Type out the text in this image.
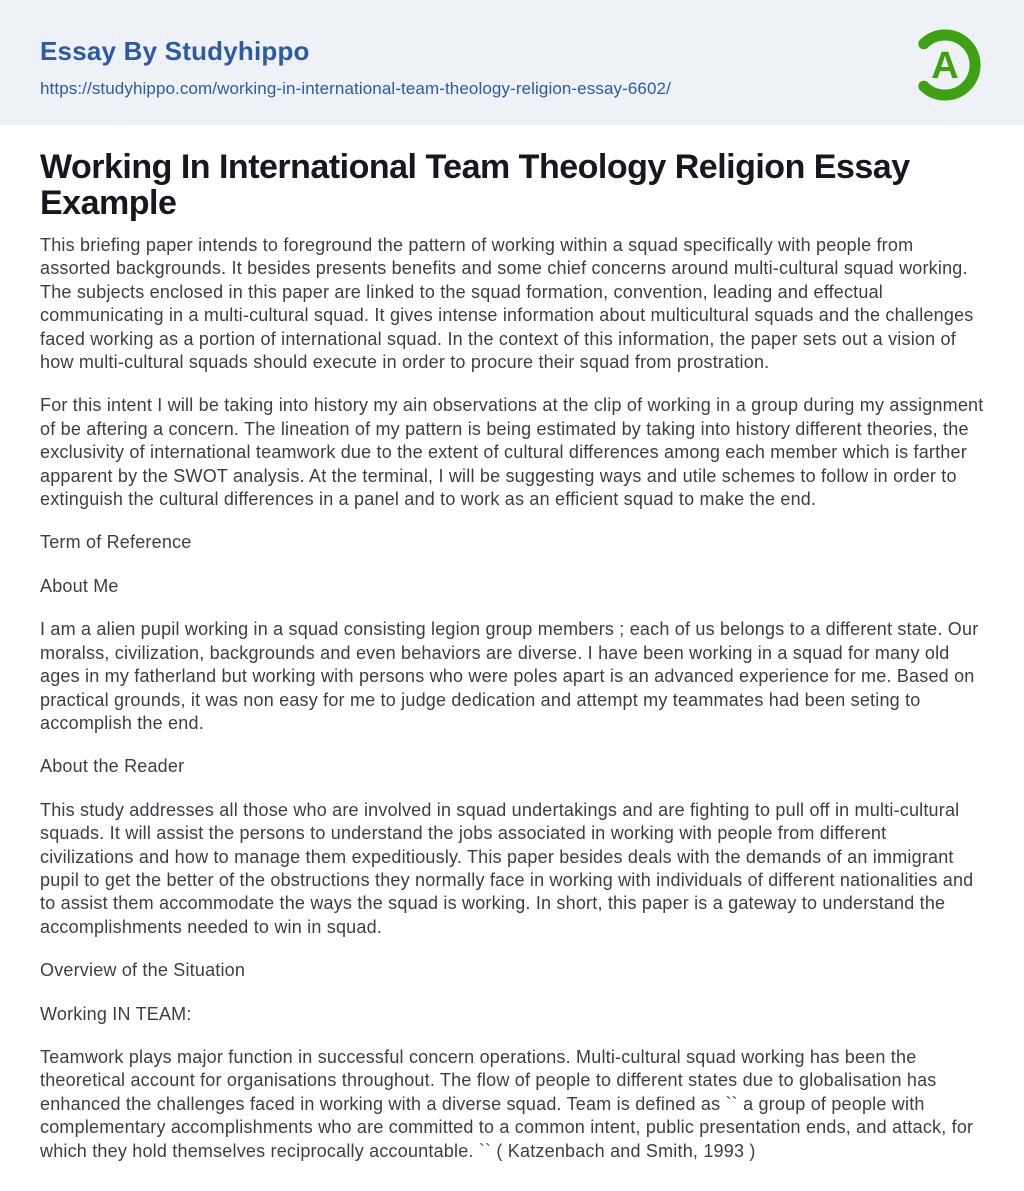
Essay By Studyhippo
https://studyhippo.com/working-in-international-team-theology-religion-essay-6602/
A
Working In International Team Theology Religion Essay Example

This briefing paper intends to foreground the pattern of working within a squad specifically with people from assorted backgrounds. It besides presents benefits and some chief concerns around multi-cultural squad working. The subjects enclosed in this paper are linked to the squad formation, convention, leading and effectual communicating in a multi-cultural squad. It gives intense information about multicultural squads and the challenges faced working as a portion of international squad. In the context of this information, the paper sets out a vision of how multi-cultural squads should execute in order to procure their squad from prostration.

For this intent I will be taking into history my ain observations at the clip of working in a group during my assignment of be aftering a concern. The lineation of my pattern is being estimated by taking into history different theories, the exclusivity of international teamwork due to the extent of cultural differences among each member which is farther apparent by the SWOT analysis. At the terminal, I will be suggesting ways and utile schemes to follow in order to extinguish the cultural differences in a panel and to work as an efficient squad to make the end.

Term of Reference

About Me

I am a alien pupil working in a squad consisting legion group members ; each of us belongs to a different state. Our moralss, civilization, backgrounds and even behaviors are diverse. I have been working in a squad for many old ages in my fatherland but working with persons who were poles apart is an advanced experience for me. Based on practical grounds, it was non easy for me to judge dedication and attempt my teammates had been seting to accomplish the end.

About the Reader

This study addresses all those who are involved in squad undertakings and are fighting to pull off in multi-cultural squads. It will assist the persons to understand the jobs associated in working with people from different civilizations and how to manage them expeditiously. This paper besides deals with the demands of an immigrant pupil to get the better of the obstructions they normally face in working with individuals of different nationalities and to assist them accommodate the ways the squad is working. In short, this paper is a gateway to understand the accomplishments needed to win in squad.

Overview of the Situation

Working IN TEAM:

Teamwork plays major function in successful concern operations. Multi-cultural squad working has been the theoretical account for organisations throughout. The flow of people to different states due to globalisation has enhanced the challenges faced in working with a diverse squad. Team is defined as `` a group of people with complementary accomplishments who are committed to a common intent, public presentation ends, and attack, for which they hold themselves reciprocally accountable. `` ( Katzenbach and Smith, 1993 )
